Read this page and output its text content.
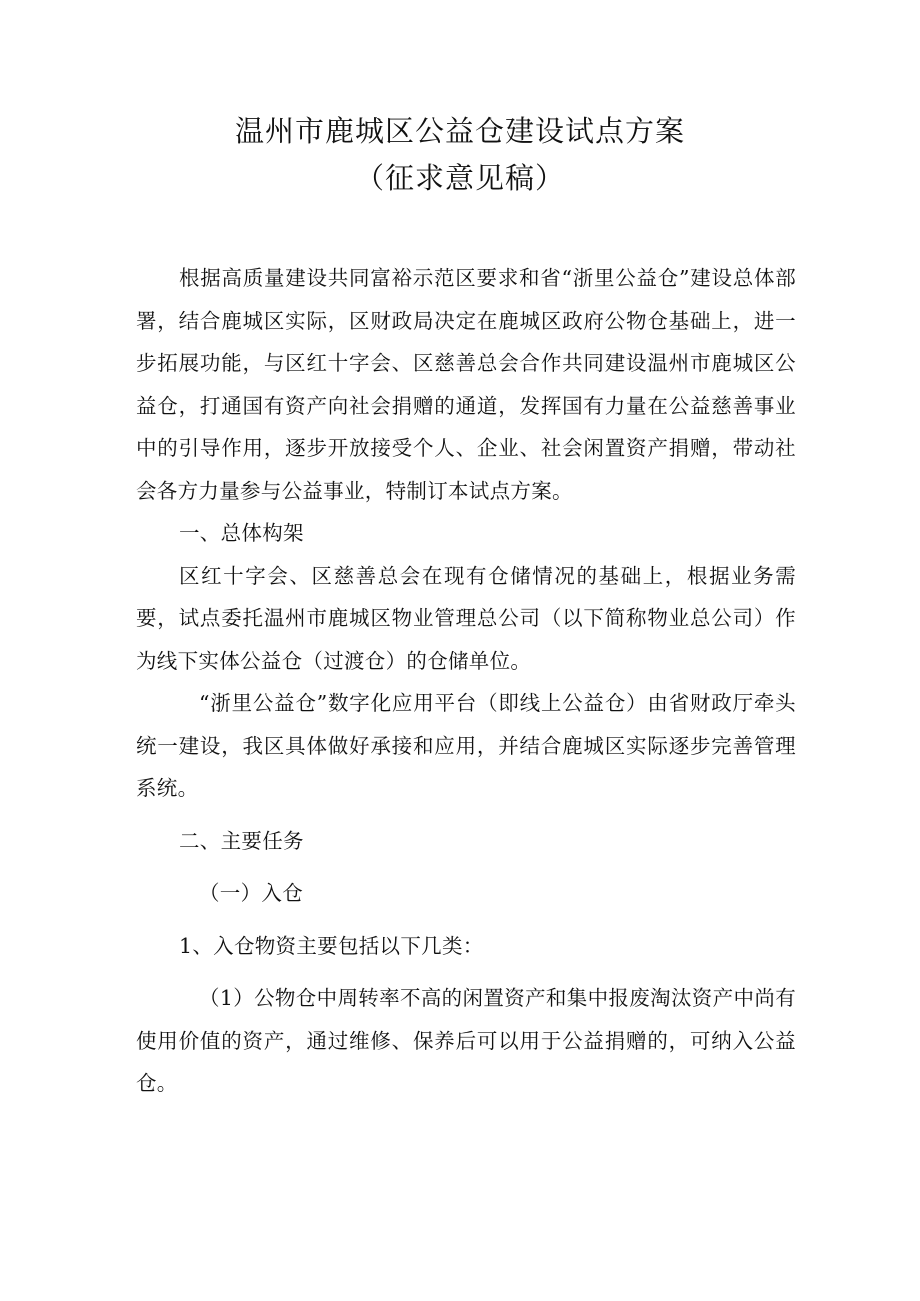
温州市鹿城区公益仓建设试点方案
（征求意见稿）

根据高质量建设共同富裕示范区要求和省“浙里公益仓”建设总体部署，结合鹿城区实际，区财政局决定在鹿城区政府公物仓基础上，进一步拓展功能，与区红十字会、区慈善总会合作共同建设温州市鹿城区公益仓，打通国有资产向社会捐赠的通道，发挥国有力量在公益慈善事业中的引导作用，逐步开放接受个人、企业、社会闲置资产捐赠，带动社会各方力量参与公益事业，特制订本试点方案。

一、总体构架

区红十字会、区慈善总会在现有仓储情况的基础上，根据业务需要，试点委托温州市鹿城区物业管理总公司（以下简称物业总公司）作为线下实体公益仓（过渡仓）的仓储单位。

“浙里公益仓”数字化应用平台（即线上公益仓）由省财政厅牵头统一建设，我区具体做好承接和应用，并结合鹿城区实际逐步完善管理系统。

二、主要任务

（一）入仓

1、入仓物资主要包括以下几类：

（1）公物仓中周转率不高的闲置资产和集中报废淘汰资产中尚有使用价值的资产，通过维修、保养后可以用于公益捐赠的，可纳入公益仓。
